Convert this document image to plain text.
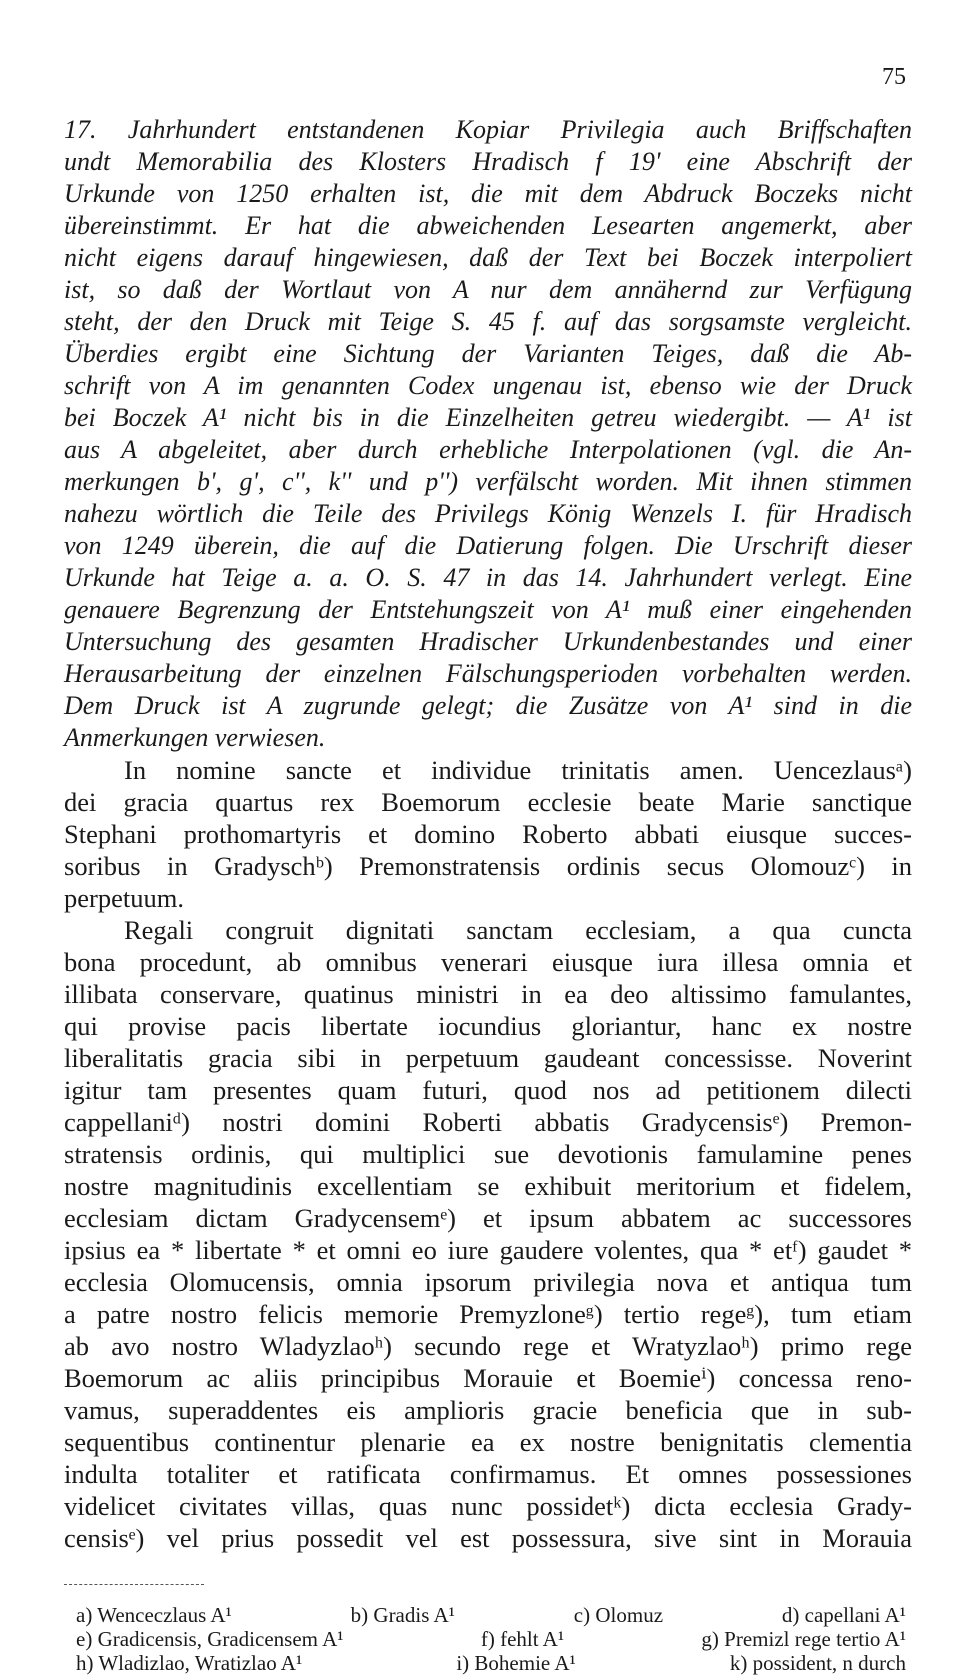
75
17. Jahrhundert entstandenen Kopiar Privilegia auch Briffschaften
undt Memorabilia des Klosters Hradisch f 19' eine Abschrift der
Urkunde von 1250 erhalten ist, die mit dem Abdruck Boczeks nicht
übereinstimmt. Er hat die abweichenden Lesearten angemerkt, aber
nicht eigens darauf hingewiesen, daß der Text bei Boczek interpoliert
ist, so daß der Wortlaut von A nur dem annähernd zur Verfügung
steht, der den Druck mit Teige S. 45 f. auf das sorgsamste vergleicht.
Überdies ergibt eine Sichtung der Varianten Teiges, daß die Ab-
schrift von A im genannten Codex ungenau ist, ebenso wie der Druck
bei Boczek A¹ nicht bis in die Einzelheiten getreu wiedergibt. — A¹ ist
aus A abgeleitet, aber durch erhebliche Interpolationen (vgl. die An-
merkungen b', g', c'', k'' und p'') verfälscht worden. Mit ihnen stimmen
nahezu wörtlich die Teile des Privilegs König Wenzels I. für Hradisch
von 1249 überein, die auf die Datierung folgen. Die Urschrift dieser
Urkunde hat Teige a. a. O. S. 47 in das 14. Jahrhundert verlegt. Eine
genauere Begrenzung der Entstehungszeit von A¹ muß einer eingehenden
Untersuchung des gesamten Hradischer Urkundenbestandes und einer
Herausarbeitung der einzelnen Fälschungsperioden vorbehalten werden.
Dem Druck ist A zugrunde gelegt; die Zusätze von A¹ sind in die
Anmerkungen verwiesen.
In nomine sancte et individue trinitatis amen. Uencezlausᵃ)
dei gracia quartus rex Boemorum ecclesie beate Marie sanctique
Stephani prothomartyris et domino Roberto abbati eiusque succes-
soribus in Gradyschᵇ) Premonstratensis ordinis secus Olomouzᶜ) in
perpetuum.
Regali congruit dignitati sanctam ecclesiam, a qua cuncta
bona procedunt, ab omnibus venerari eiusque iura illesa omnia et
illibata conservare, quatinus ministri in ea deo altissimo famulantes,
qui provise pacis libertate iocundius gloriantur, hanc ex nostre
liberalitatis gracia sibi in perpetuum gaudeant concessisse. Noverint
igitur tam presentes quam futuri, quod nos ad petitionem dilecti
cappellaniᵈ) nostri domini Roberti abbatis Gradycensisᵉ) Premon-
stratensis ordinis, qui multiplici sue devotionis famulamine penes
nostre magnitudinis excellentiam se exhibuit meritorium et fidelem,
ecclesiam dictam Gradycensemᵉ) et ipsum abbatem ac successores
ipsius ea * libertate * et omni eo iure gaudere volentes, qua * etᶠ) gaudet *
ecclesia Olomucensis, omnia ipsorum privilegia nova et antiqua tum
a patre nostro felicis memorie Premyzloneᵍ) tertio regeᵍ), tum etiam
ab avo nostro Wladyzlaoʰ) secundo rege et Wratyzlaoʰ) primo rege
Boemorum ac aliis principibus Morauie et Boemieⁱ) concessa reno-
vamus, superaddentes eis amplioris gracie beneficia que in sub-
sequentibus continentur plenarie ea ex nostre benignitatis clementia
indulta totaliter et ratificata confirmamus. Et omnes possessiones
videlicet civitates villas, quas nunc possidetᵏ) dicta ecclesia Grady-
censisᵉ) vel prius possedit vel est possessura, sive sint in Morauia
a) Wenceczlaus A¹	b) Gradis A¹	c) Olomuz	d) capellani A¹
e) Gradicensis, Gradicensem A¹	f) fehlt A¹	g) Premizl rege tertio A¹
h) Wladizlao, Wratizlao A¹	i) Bohemie A¹	k) possident, n durch
